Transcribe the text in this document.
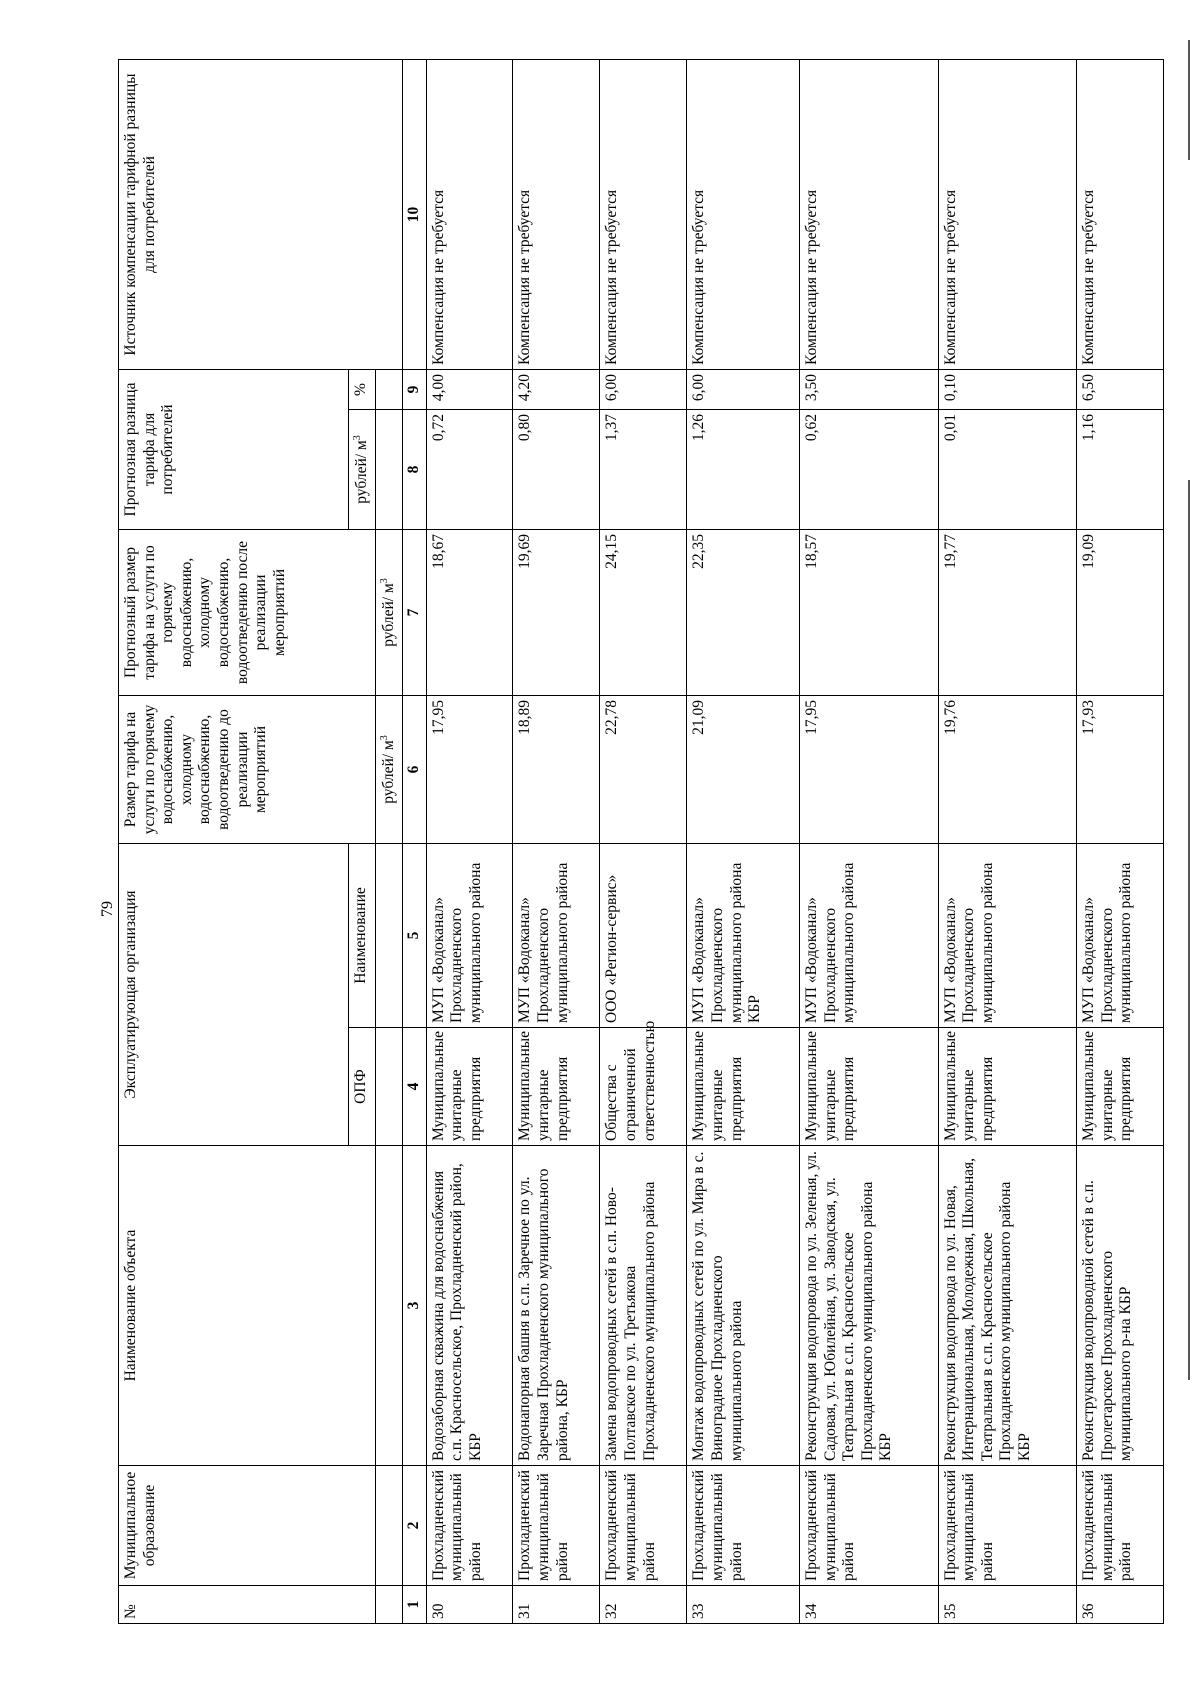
79
№	Муниципальное образование	Наименование объекта	Эксплуатирующая организация		Размер тарифа на услуги по горячему водоснабжению, холодному водоснабжению, водоотведению до реализации мероприятий	Прогнозный размер тарифа на услуги по горячему водоснабжению, холодному водоснабжению, водоотведению после реализации мероприятий	Прогнозная разница тарифа для потребителей		Источник компенсации тарифной разницы для потребителей
			ОПФ	Наименование			рублей/ $м^3$	%	
					рублей/ $м^3$	рублей/ $м^3$		
1	2	3	4	5	6	7	8	9	10
30	Прохладненский муниципальный район	Водозаборная скважина для водоснабжения с.п. Красносельское, Прохладненский район, КБР	Муниципальные унитарные предприятия	МУП «Водоканал» Прохладненского муниципального района	17,95	18,67	0,72	4,00	Компенсация не требуется
31	Прохладненский муниципальный район	Водонапорная башня в с.п. Заречное по ул. Заречная Прохладненского муниципального района, КБР	Муниципальные унитарные предприятия	МУП «Водоканал» Прохладненского муниципального района	18,89	19,69	0,80	4,20	Компенсация не требуется
32	Прохладненский муниципальный район	Замена водопроводных сетей в с.п. Ново-Полтавское по ул. Третьякова Прохладненского муниципального района	Общества с ограниченной ответственностью	ООО «Регион-сервис»	22,78	24,15	1,37	6,00	Компенсация не требуется
33	Прохладненский муниципальный район	Монтаж водопроводных сетей по ул. Мира в с. Виноградное Прохладненского муниципального района	Муниципальные унитарные предприятия	МУП «Водоканал» Прохладненского муниципального района КБР	21,09	22,35	1,26	6,00	Компенсация не требуется
34	Прохладненский муниципальный район	Реконструкция водопровода по ул. Зеленая, ул. Садовая, ул. Юбилейная, ул. Заводская, ул. Театральная в с.п. Красносельское Прохладненского муниципального района КБР	Муниципальные унитарные предприятия	МУП «Водоканал» Прохладненского муниципального района	17,95	18,57	0,62	3,50	Компенсация не требуется
35	Прохладненский муниципальный район	Реконструкция водопровода по ул. Новая, Интернациональная, Молодежная, Школьная, Театральная в с.п. Красносельское Прохладненского муниципального района КБР	Муниципальные унитарные предприятия	МУП «Водоканал» Прохладненского муниципального района	19,76	19,77	0,01	0,10	Компенсация не требуется
36	Прохладненский муниципальный район	Реконструкция водопроводной сетей в с.п. Пролетарское Прохладненского муниципального р-на КБР	Муниципальные унитарные предприятия	МУП «Водоканал» Прохладненского муниципального района	17,93	19,09	1,16	6,50	Компенсация не требуется
